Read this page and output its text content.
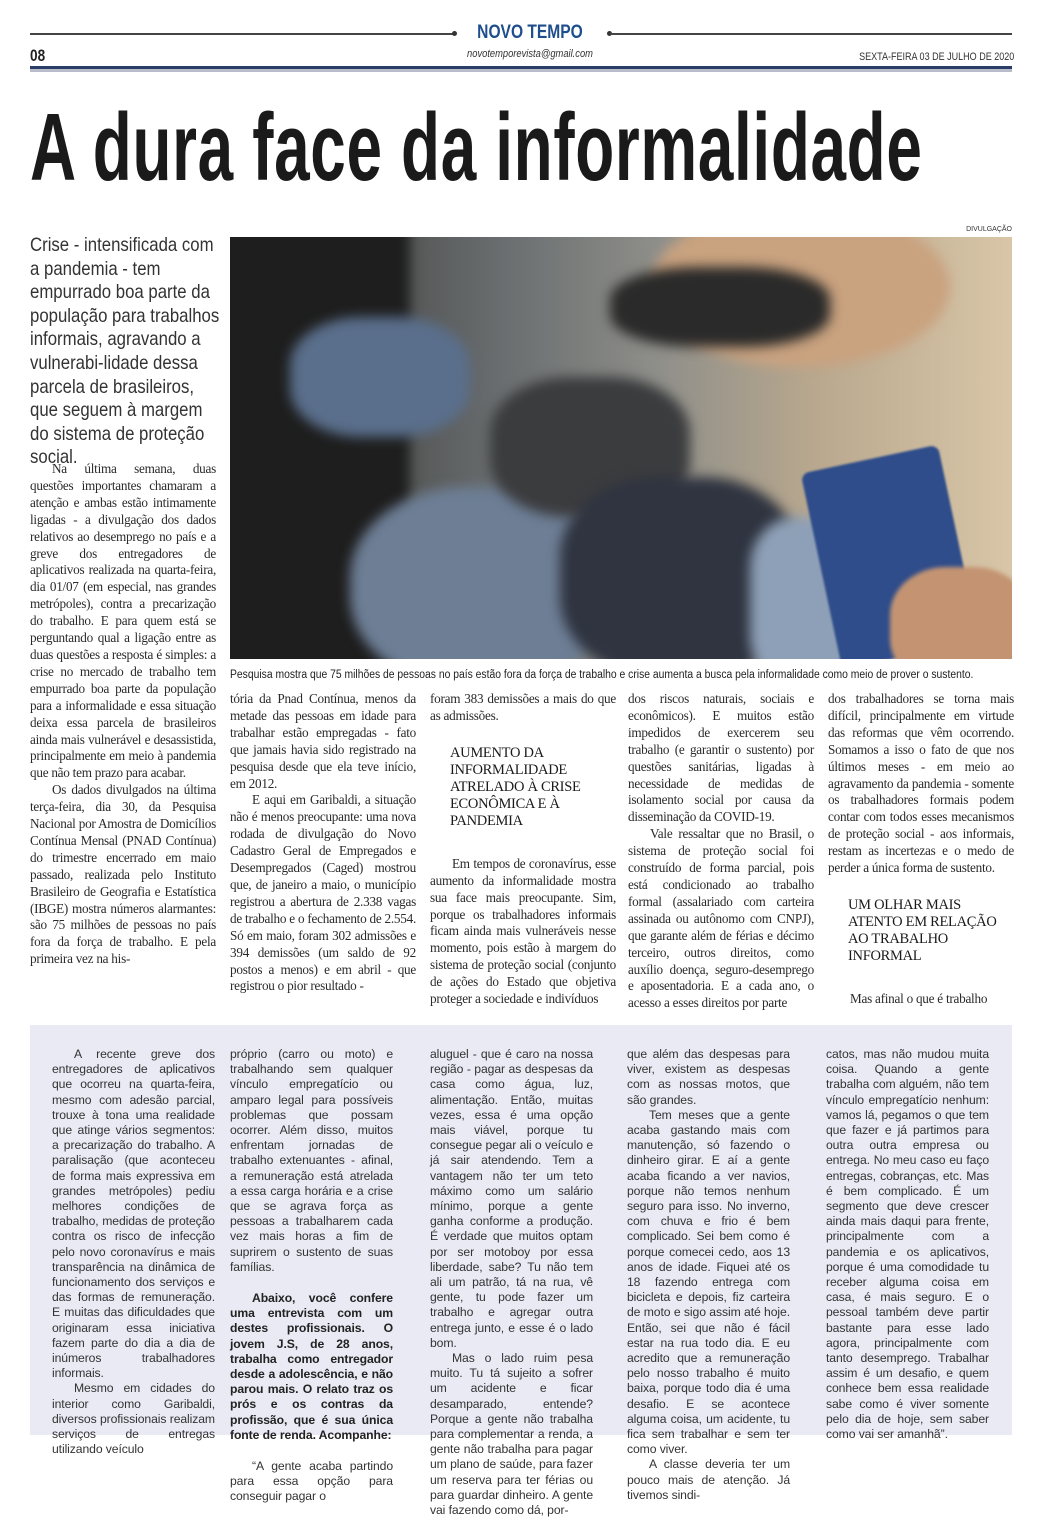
NOVO TEMPO
08	novotemporevista@gmail.com	SEXTA-FEIRA 03 DE JULHO DE 2020
A dura face da informalidade
DIVULGAÇÃO
Crise - intensificada com a pandemia - tem empurrado boa parte da população para trabalhos informais, agravando a vulnerabi-lidade dessa parcela de brasileiros, que seguem à margem do sistema de proteção social.
Pesquisa mostra que 75 milhões de pessoas no país estão fora da força de trabalho e crise aumenta a busca pela informalidade como meio de prover o sustento.

Na última semana, duas questões importantes chamaram a atenção e ambas estão intimamente ligadas - a divulgação dos dados relativos ao desemprego no país e a greve dos entregadores de aplicativos realizada na quarta-feira, dia 01/07 (em especial, nas grandes metrópoles), contra a precarização do trabalho. E para quem está se perguntando qual a ligação entre as duas questões a resposta é simples: a crise no mercado de trabalho tem empurrado boa parte da população para a informalidade e essa situação deixa essa parcela de brasileiros ainda mais vulnerável e desassistida, principalmente em meio à pandemia que não tem prazo para acabar.

Os dados divulgados na última terça-feira, dia 30, da Pesquisa Nacional por Amostra de Domicílios Contínua Mensal (PNAD Contínua) do trimestre encerrado em maio passado, realizada pelo Instituto Brasileiro de Geografia e Estatística (IBGE) mostra números alarmantes: são 75 milhões de pessoas no país fora da força de trabalho. E pela primeira vez na his-

tória da Pnad Contínua, menos da metade das pessoas em idade para trabalhar estão empregadas - fato que jamais havia sido registrado na pesquisa desde que ela teve início, em 2012.

E aqui em Garibaldi, a situação não é menos preocupante: uma nova rodada de divulgação do Novo Cadastro Geral de Empregados e Desempregados (Caged) mostrou que, de janeiro a maio, o município registrou a abertura de 2.338 vagas de trabalho e o fechamento de 2.554. Só em maio, foram 302 admissões e 394 demissões (um saldo de 92 postos a menos) e em abril - que registrou o pior resultado -

foram 383 demissões a mais do que as admissões.

AUMENTO DA INFORMALIDADE ATRELADO À CRISE ECONÔMICA E À PANDEMIA

Em tempos de coronavírus, esse aumento da informalidade mostra sua face mais preocupante. Sim, porque os trabalhadores informais ficam ainda mais vulneráveis nesse momento, pois estão à margem do sistema de proteção social (conjunto de ações do Estado que objetiva proteger a sociedade e indivíduos

dos riscos naturais, sociais e econômicos). E muitos estão impedidos de exercerem seu trabalho (e garantir o sustento) por questões sanitárias, ligadas à necessidade de medidas de isolamento social por causa da disseminação da COVID-19.

Vale ressaltar que no Brasil, o sistema de proteção social foi construído de forma parcial, pois está condicionado ao trabalho formal (assalariado com carteira assinada ou autônomo com CNPJ), que garante além de férias e décimo terceiro, outros direitos, como auxílio doença, seguro-desemprego e aposentadoria. E a cada ano, o acesso a esses direitos por parte

dos trabalhadores se torna mais difícil, principalmente em virtude das reformas que vêm ocorrendo. Somamos a isso o fato de que nos últimos meses - em meio ao agravamento da pandemia - somente os trabalhadores formais podem contar com todos esses mecanismos de proteção social - aos informais, restam as incertezas e o medo de perder a única forma de sustento.

UM OLHAR MAIS ATENTO EM RELAÇÃO AO TRABALHO INFORMAL

Mas afinal o que é trabalho

A recente greve dos entregadores de aplicativos que ocorreu na quarta-feira, mesmo com adesão parcial, trouxe à tona uma realidade que atinge vários segmentos: a precarização do trabalho. A paralisação (que aconteceu de forma mais expressiva em grandes metrópoles) pediu melhores condições de trabalho, medidas de proteção contra os risco de infecção pelo novo coronavírus e mais transparência na dinâmica de funcionamento dos serviços e das formas de remuneração. E muitas das dificuldades que originaram essa iniciativa fazem parte do dia a dia de inúmeros trabalhadores informais.

Mesmo em cidades do interior como Garibaldi, diversos profissionais realizam serviços de entregas utilizando veículo

próprio (carro ou moto) e trabalhando sem qualquer vínculo empregatício ou amparo legal para possíveis problemas que possam ocorrer. Além disso, muitos enfrentam jornadas de trabalho extenuantes - afinal, a remuneração está atrelada a essa carga horária e a crise que se agrava força as pessoas a trabalharem cada vez mais horas a fim de suprirem o sustento de suas famílias.

Abaixo, você confere uma entrevista com um destes profissionais. O jovem J.S, de 28 anos, trabalha como entregador desde a adolescência, e não parou mais. O relato traz os prós e os contras da profissão, que é sua única fonte de renda. Acompanhe:

“A gente acaba partindo para essa opção para conseguir pagar o

aluguel - que é caro na nossa região - pagar as despesas da casa como água, luz, alimentação. Então, muitas vezes, essa é uma opção mais viável, porque tu consegue pegar ali o veículo e já sair atendendo. Tem a vantagem não ter um teto máximo como um salário mínimo, porque a gente ganha conforme a produção. É verdade que muitos optam por ser motoboy por essa liberdade, sabe? Tu não tem ali um patrão, tá na rua, vê gente, tu pode fazer um trabalho e agregar outra entrega junto, e esse é o lado bom.

Mas o lado ruim pesa muito. Tu tá sujeito a sofrer um acidente e ficar desamparado, entende? Porque a gente não trabalha para complementar a renda, a gente não trabalha para pagar um plano de saúde, para fazer um reserva para ter férias ou para guardar dinheiro. A gente vai fazendo como dá, por-

que além das despesas para viver, existem as despesas com as nossas motos, que são grandes.

Tem meses que a gente acaba gastando mais com manutenção, só fazendo o dinheiro girar. E aí a gente acaba ficando a ver navios, porque não temos nenhum seguro para isso. No inverno, com chuva e frio é bem complicado. Sei bem como é porque comecei cedo, aos 13 anos de idade. Fiquei até os 18 fazendo entrega com bicicleta e depois, fiz carteira de moto e sigo assim até hoje. Então, sei que não é fácil estar na rua todo dia. E eu acredito que a remuneração pelo nosso trabalho é muito baixa, porque todo dia é uma desafio. E se acontece alguma coisa, um acidente, tu fica sem trabalhar e sem ter como viver.

A classe deveria ter um pouco mais de atenção. Já tivemos sindi-

catos, mas não mudou muita coisa. Quando a gente trabalha com alguém, não tem vínculo empregatício nenhum: vamos lá, pegamos o que tem que fazer e já partimos para outra outra empresa ou entrega. No meu caso eu faço entregas, cobranças, etc. Mas é bem complicado. É um segmento que deve crescer ainda mais daqui para frente, principalmente com a pandemia e os aplicativos, porque é uma comodidade tu receber alguma coisa em casa, é mais seguro. E o pessoal também deve partir bastante para esse lado agora, principalmente com tanto desemprego. Trabalhar assim é um desafio, e quem conhece bem essa realidade sabe como é viver somente pelo dia de hoje, sem saber como vai ser amanhã”.
